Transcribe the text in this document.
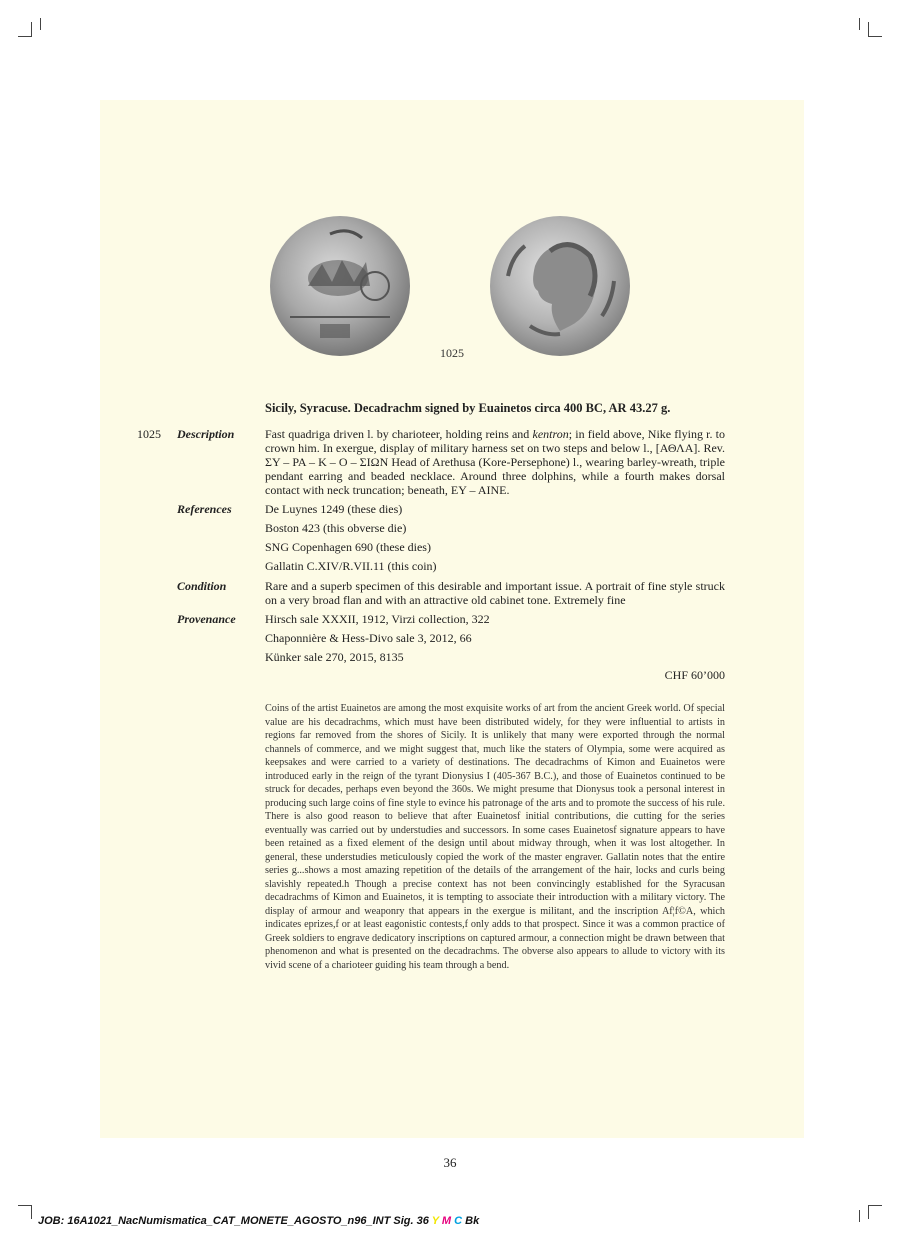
1025
Sicily, Syracuse. Decadrachm signed by Euainetos circa 400 BC, AR 43.27 g.
1025 Description	Fast quadriga driven l. by charioteer, holding reins and kentron; in field above, Nike flying r. to crown him. In exergue, display of military harness set on two steps and below l., [ΑΘΛΑ]. Rev. ΣΥ – ΡΑ – Κ – Ο – ΣΙΩΝ Head of Arethusa (Kore-Persephone) l., wearing barley-wreath, triple pendant earring and beaded necklace. Around three dolphins, while a fourth makes dorsal contact with neck truncation; beneath, ΕΥ – ΑΙΝΕ.
References	De Luynes 1249 (these dies)
Boston 423 (this obverse die)
SNG Copenhagen 690 (these dies)
Gallatin C.XIV/R.VII.11 (this coin)
Condition	Rare and a superb specimen of this desirable and important issue. A portrait of fine style struck on a very broad flan and with an attractive old cabinet tone. Extremely fine
Provenance Hirsch sale XXXII, 1912, Virzi collection, 322
Chaponnière & Hess-Divo sale 3, 2012, 66
Künker sale 270, 2015, 8135
CHF 60’000
Coins of the artist Euainetos are among the most exquisite works of art from the ancient Greek world. Of special value are his decadrachms, which must have been distributed widely, for they were influential to artists in regions far removed from the shores of Sicily. It is unlikely that many were exported through the normal channels of commerce, and we might suggest that, much like the staters of Olympia, some were acquired as keepsakes and were carried to a variety of destinations. The decadrachms of Kimon and Euainetos were introduced early in the reign of the tyrant Dionysius I (405-367 B.C.), and those of Euainetos continued to be struck for decades, perhaps even beyond the 360s. We might presume that Dionysus took a personal interest in producing such large coins of fine style to evince his patronage of the arts and to promote the success of his rule. There is also good reason to believe that after Euainetosf initial contributions, die cutting for the series eventually was carried out by understudies and successors. In some cases Euainetosf signature appears to have been retained as a fixed element of the design until about midway through, when it was lost altogether. In general, these understudies meticulously copied the work of the master engraver. Gallatin notes that the entire series g...shows a most amazing repetition of the details of the arrangement of the hair, locks and curls being slavishly repeated.h Though a precise context has not been convincingly established for the Syracusan decadrachms of Kimon and Euainetos, it is tempting to associate their introduction with a military victory. The display of armour and weaponry that appears in the exergue is militant, and the inscription Af¦f©A, which indicates eprizes,f or at least eagonistic contests,f only adds to that prospect. Since it was a common practice of Greek soldiers to engrave dedicatory inscriptions on captured armour, a connection might be drawn between that phenomenon and what is presented on the decadrachms. The obverse also appears to allude to victory with its vivid scene of a charioteer guiding his team through a bend.
36
JOB: 16A1021_NacNumismatica_CAT_MONETE_AGOSTO_n96_INT Sig. 36 Y M C Bk
